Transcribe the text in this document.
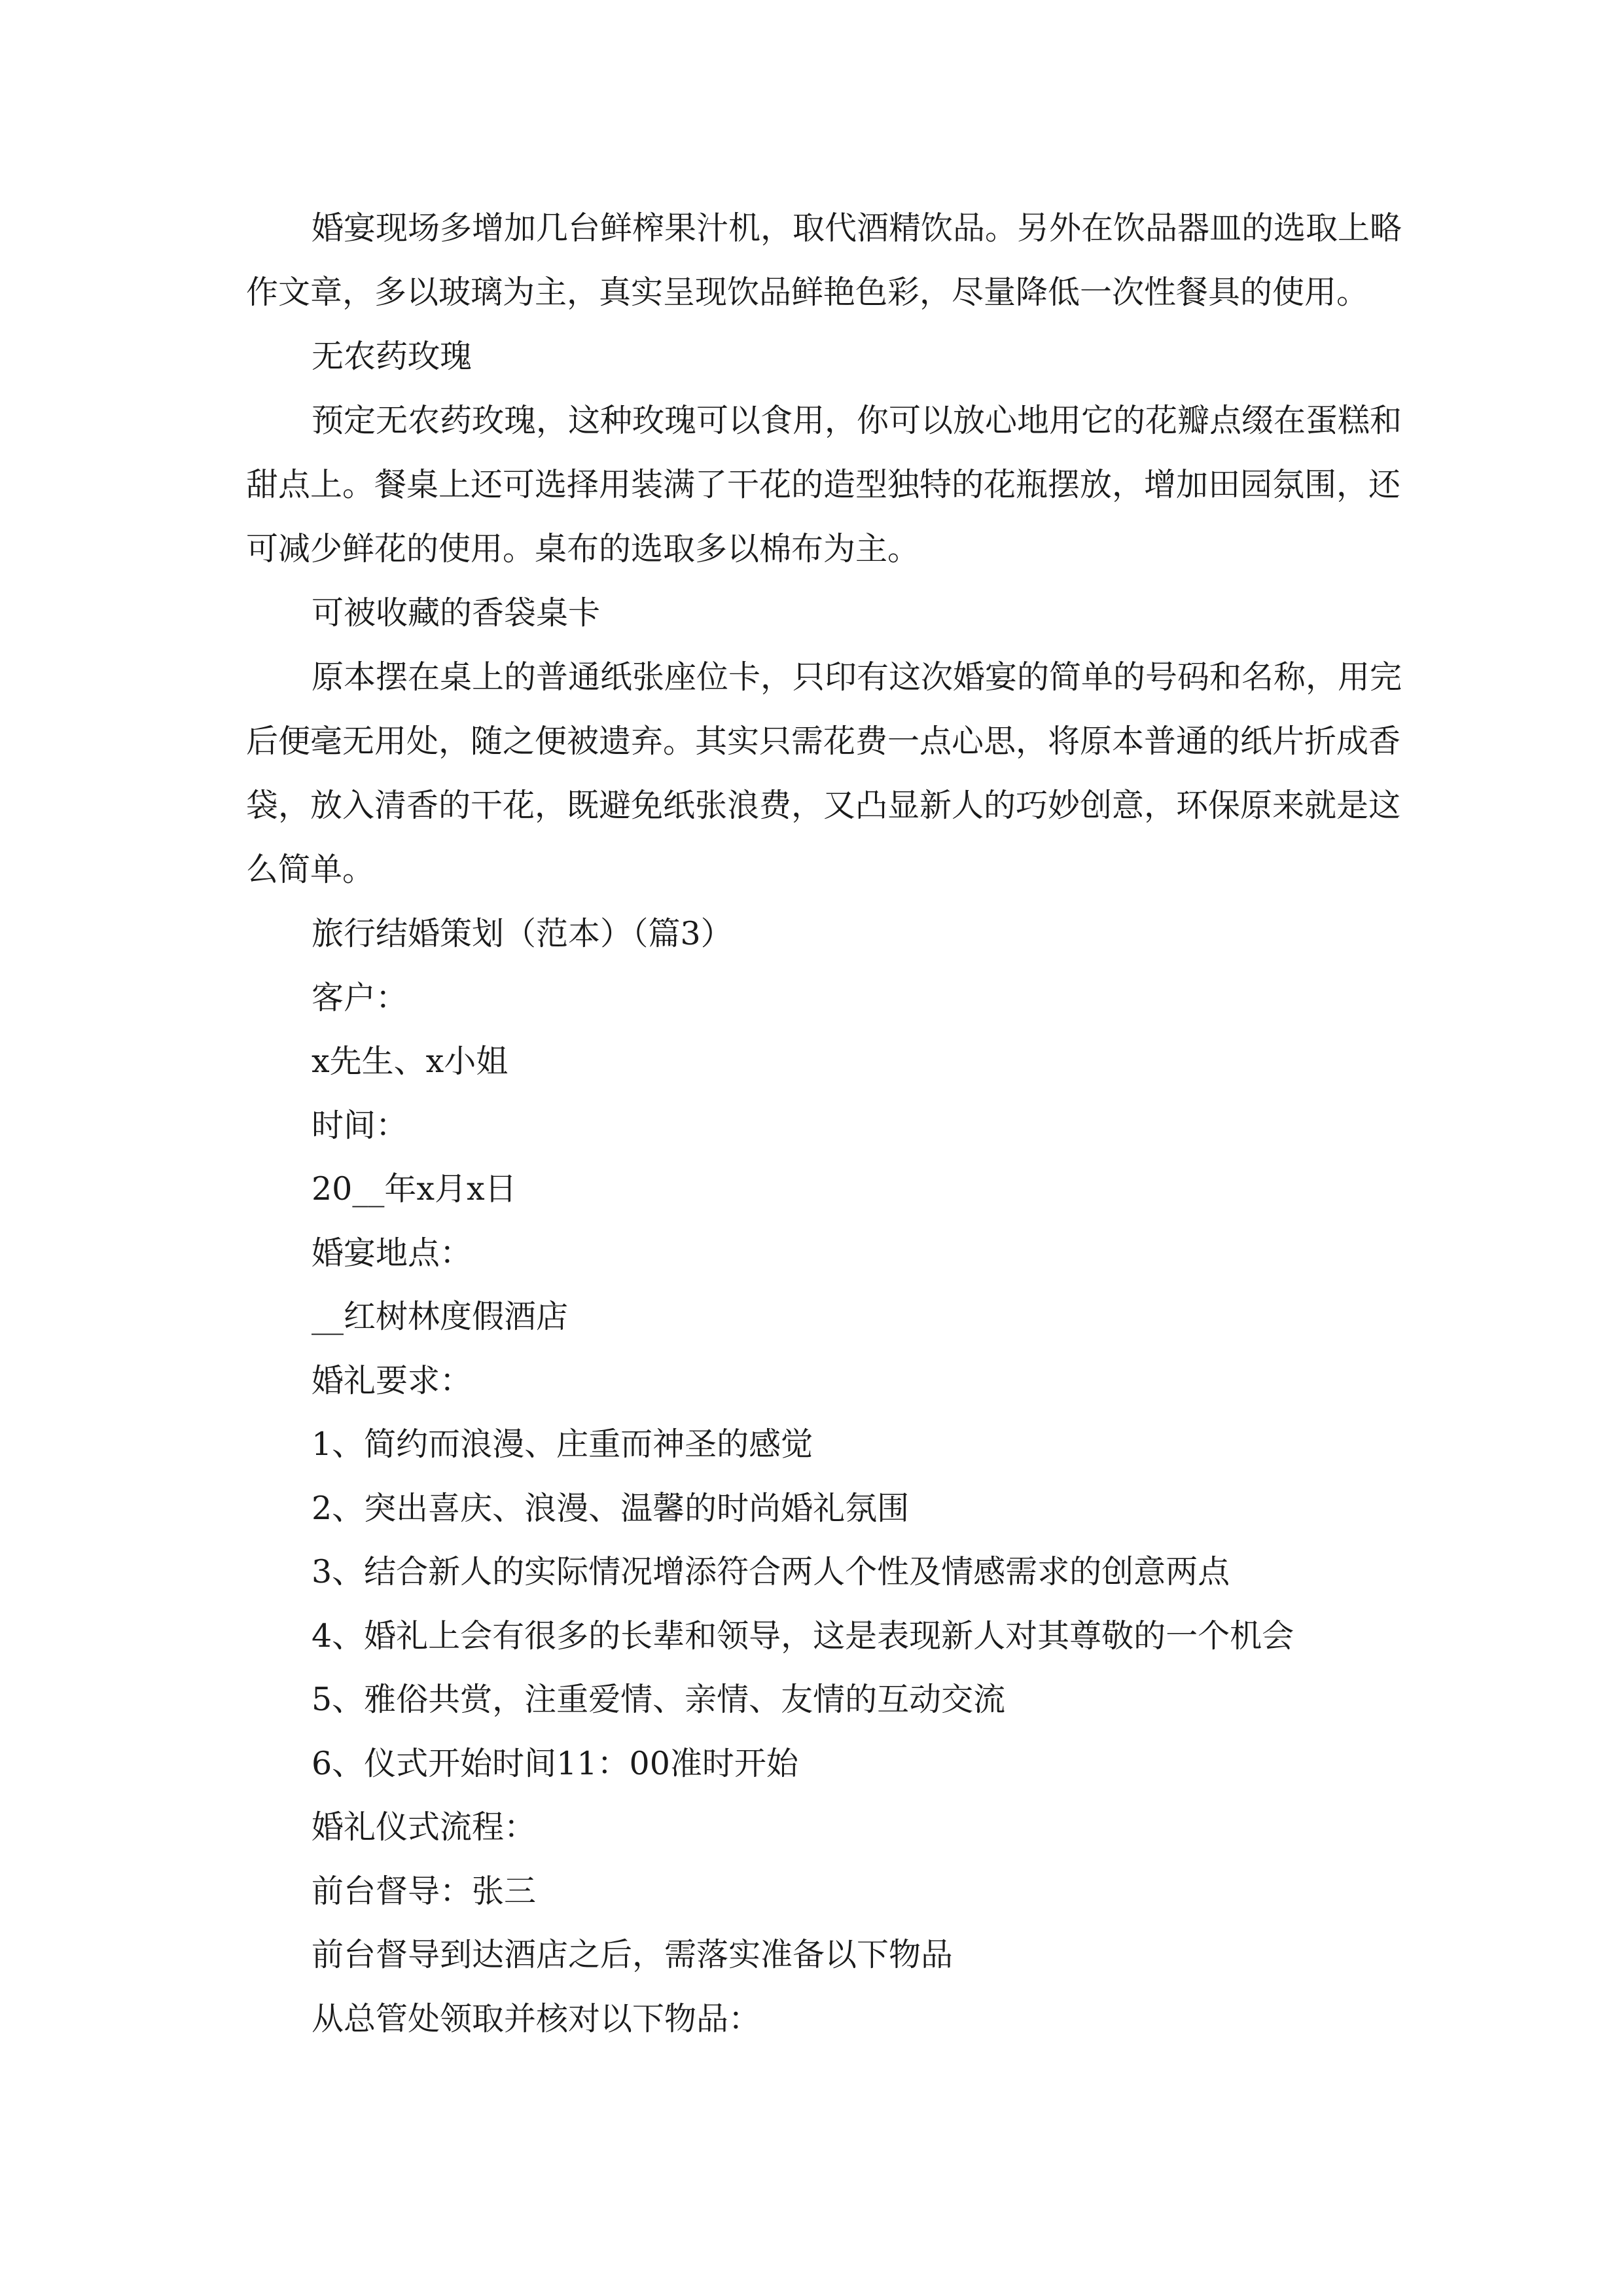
婚宴现场多增加几台鲜榨果汁机，取代酒精饮品。另外在饮品器皿的选取上略作文章，多以玻璃为主，真实呈现饮品鲜艳色彩，尽量降低一次性餐具的使用。

无农药玫瑰

预定无农药玫瑰，这种玫瑰可以食用，你可以放心地用它的花瓣点缀在蛋糕和甜点上。餐桌上还可选择用装满了干花的造型独特的花瓶摆放，增加田园氛围，还可减少鲜花的使用。桌布的选取多以棉布为主。

可被收藏的香袋桌卡

原本摆在桌上的普通纸张座位卡，只印有这次婚宴的简单的号码和名称，用完后便毫无用处，随之便被遗弃。其实只需花费一点心思，将原本普通的纸片折成香袋，放入清香的干花，既避免纸张浪费，又凸显新人的巧妙创意，环保原来就是这么简单。

旅行结婚策划（范本）（篇3）

客户：

x先生、x小姐

时间：

20__年x月x日

婚宴地点：

__红树林度假酒店

婚礼要求：

1、简约而浪漫、庄重而神圣的感觉

2、突出喜庆、浪漫、温馨的时尚婚礼氛围

3、结合新人的实际情况增添符合两人个性及情感需求的创意两点

4、婚礼上会有很多的长辈和领导，这是表现新人对其尊敬的一个机会

5、雅俗共赏，注重爱情、亲情、友情的互动交流

6、仪式开始时间11：00准时开始

婚礼仪式流程：

前台督导：张三

前台督导到达酒店之后，需落实准备以下物品

从总管处领取并核对以下物品：
